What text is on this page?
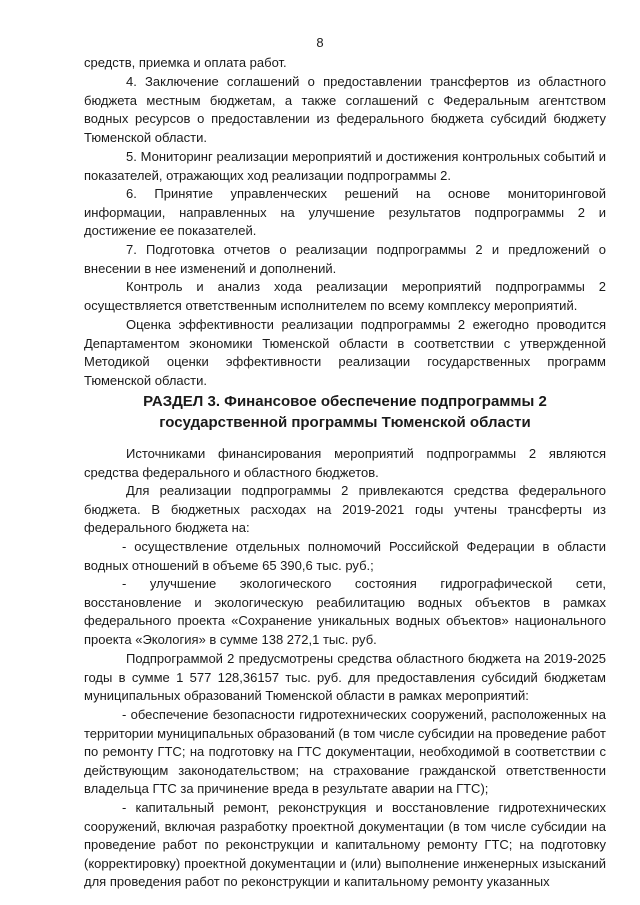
8

средств, приемка и оплата работ.

4. Заключение соглашений о предоставлении трансфертов из областного бюджета местным бюджетам, а также соглашений с Федеральным агентством водных ресурсов о предоставлении из федерального бюджета субсидий бюджету Тюменской области.

5. Мониторинг реализации мероприятий и достижения контрольных событий и показателей, отражающих ход реализации подпрограммы 2.

6. Принятие управленческих решений на основе мониторинговой информации, направленных на улучшение результатов подпрограммы 2 и достижение ее показателей.

7. Подготовка отчетов о реализации подпрограммы 2 и предложений о внесении в нее изменений и дополнений.

Контроль и анализ хода реализации мероприятий подпрограммы 2 осуществляется ответственным исполнителем по всему комплексу мероприятий.

Оценка эффективности реализации подпрограммы 2 ежегодно проводится Департаментом экономики Тюменской области в соответствии с утвержденной Методикой оценки эффективности реализации государственных программ Тюменской области.

РАЗДЕЛ 3. Финансовое обеспечение подпрограммы 2
государственной программы Тюменской области

Источниками финансирования мероприятий подпрограммы 2 являются средства федерального и областного бюджетов.

Для реализации подпрограммы 2 привлекаются средства федерального бюджета. В бюджетных расходах на 2019-2021 годы учтены трансферты из федерального бюджета на:

- осуществление отдельных полномочий Российской Федерации в области водных отношений в объеме 65 390,6 тыс. руб.;

- улучшение экологического состояния гидрографической сети, восстановление и экологическую реабилитацию водных объектов в рамках федерального проекта «Сохранение уникальных водных объектов» национального проекта «Экология» в сумме 138 272,1 тыс. руб.

Подпрограммой 2 предусмотрены средства областного бюджета на 2019-2025 годы в сумме 1 577 128,36157 тыс. руб. для предоставления субсидий бюджетам муниципальных образований Тюменской области в рамках мероприятий:

- обеспечение безопасности гидротехнических сооружений, расположенных на территории муниципальных образований (в том числе субсидии на проведение работ по ремонту ГТС; на подготовку на ГТС документации, необходимой в соответствии с действующим законодательством; на страхование гражданской ответственности владельца ГТС за причинение вреда в результате аварии на ГТС);

- капитальный ремонт, реконструкция и восстановление гидротехнических сооружений, включая разработку проектной документации (в том числе субсидии на проведение работ по реконструкции и капитальному ремонту ГТС; на подготовку (корректировку) проектной документации и (или) выполнение инженерных изысканий для проведения работ по реконструкции и капитальному ремонту указанных
